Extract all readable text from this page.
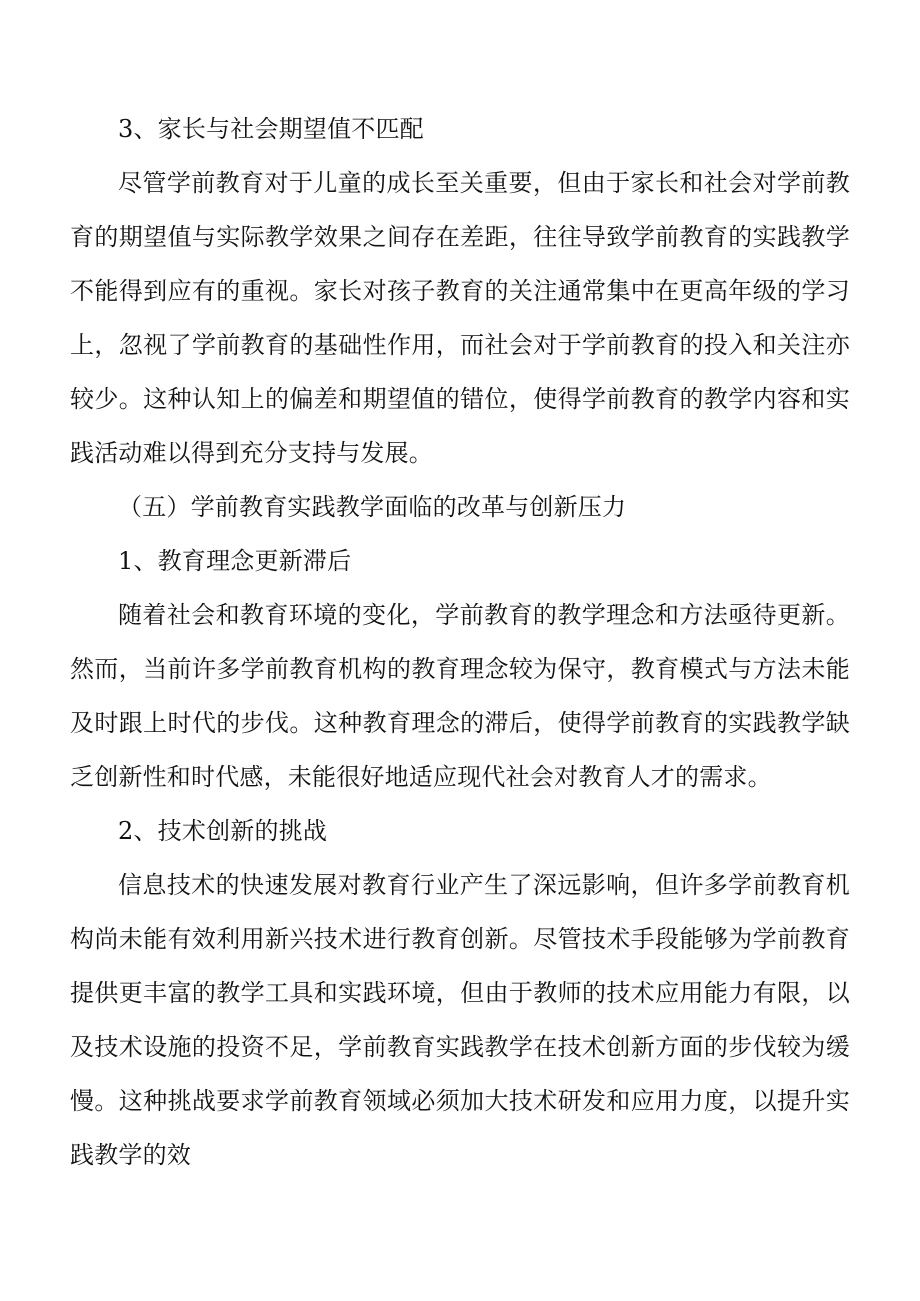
3、家长与社会期望值不匹配

尽管学前教育对于儿童的成长至关重要，但由于家长和社会对学前教育的期望值与实际教学效果之间存在差距，往往导致学前教育的实践教学不能得到应有的重视。家长对孩子教育的关注通常集中在更高年级的学习上，忽视了学前教育的基础性作用，而社会对于学前教育的投入和关注亦较少。这种认知上的偏差和期望值的错位，使得学前教育的教学内容和实践活动难以得到充分支持与发展。

（五）学前教育实践教学面临的改革与创新压力

1、教育理念更新滞后

随着社会和教育环境的变化，学前教育的教学理念和方法亟待更新。然而，当前许多学前教育机构的教育理念较为保守，教育模式与方法未能及时跟上时代的步伐。这种教育理念的滞后，使得学前教育的实践教学缺乏创新性和时代感，未能很好地适应现代社会对教育人才的需求。

2、技术创新的挑战

信息技术的快速发展对教育行业产生了深远影响，但许多学前教育机构尚未能有效利用新兴技术进行教育创新。尽管技术手段能够为学前教育提供更丰富的教学工具和实践环境，但由于教师的技术应用能力有限，以及技术设施的投资不足，学前教育实践教学在技术创新方面的步伐较为缓慢。这种挑战要求学前教育领域必须加大技术研发和应用力度，以提升实践教学的效
